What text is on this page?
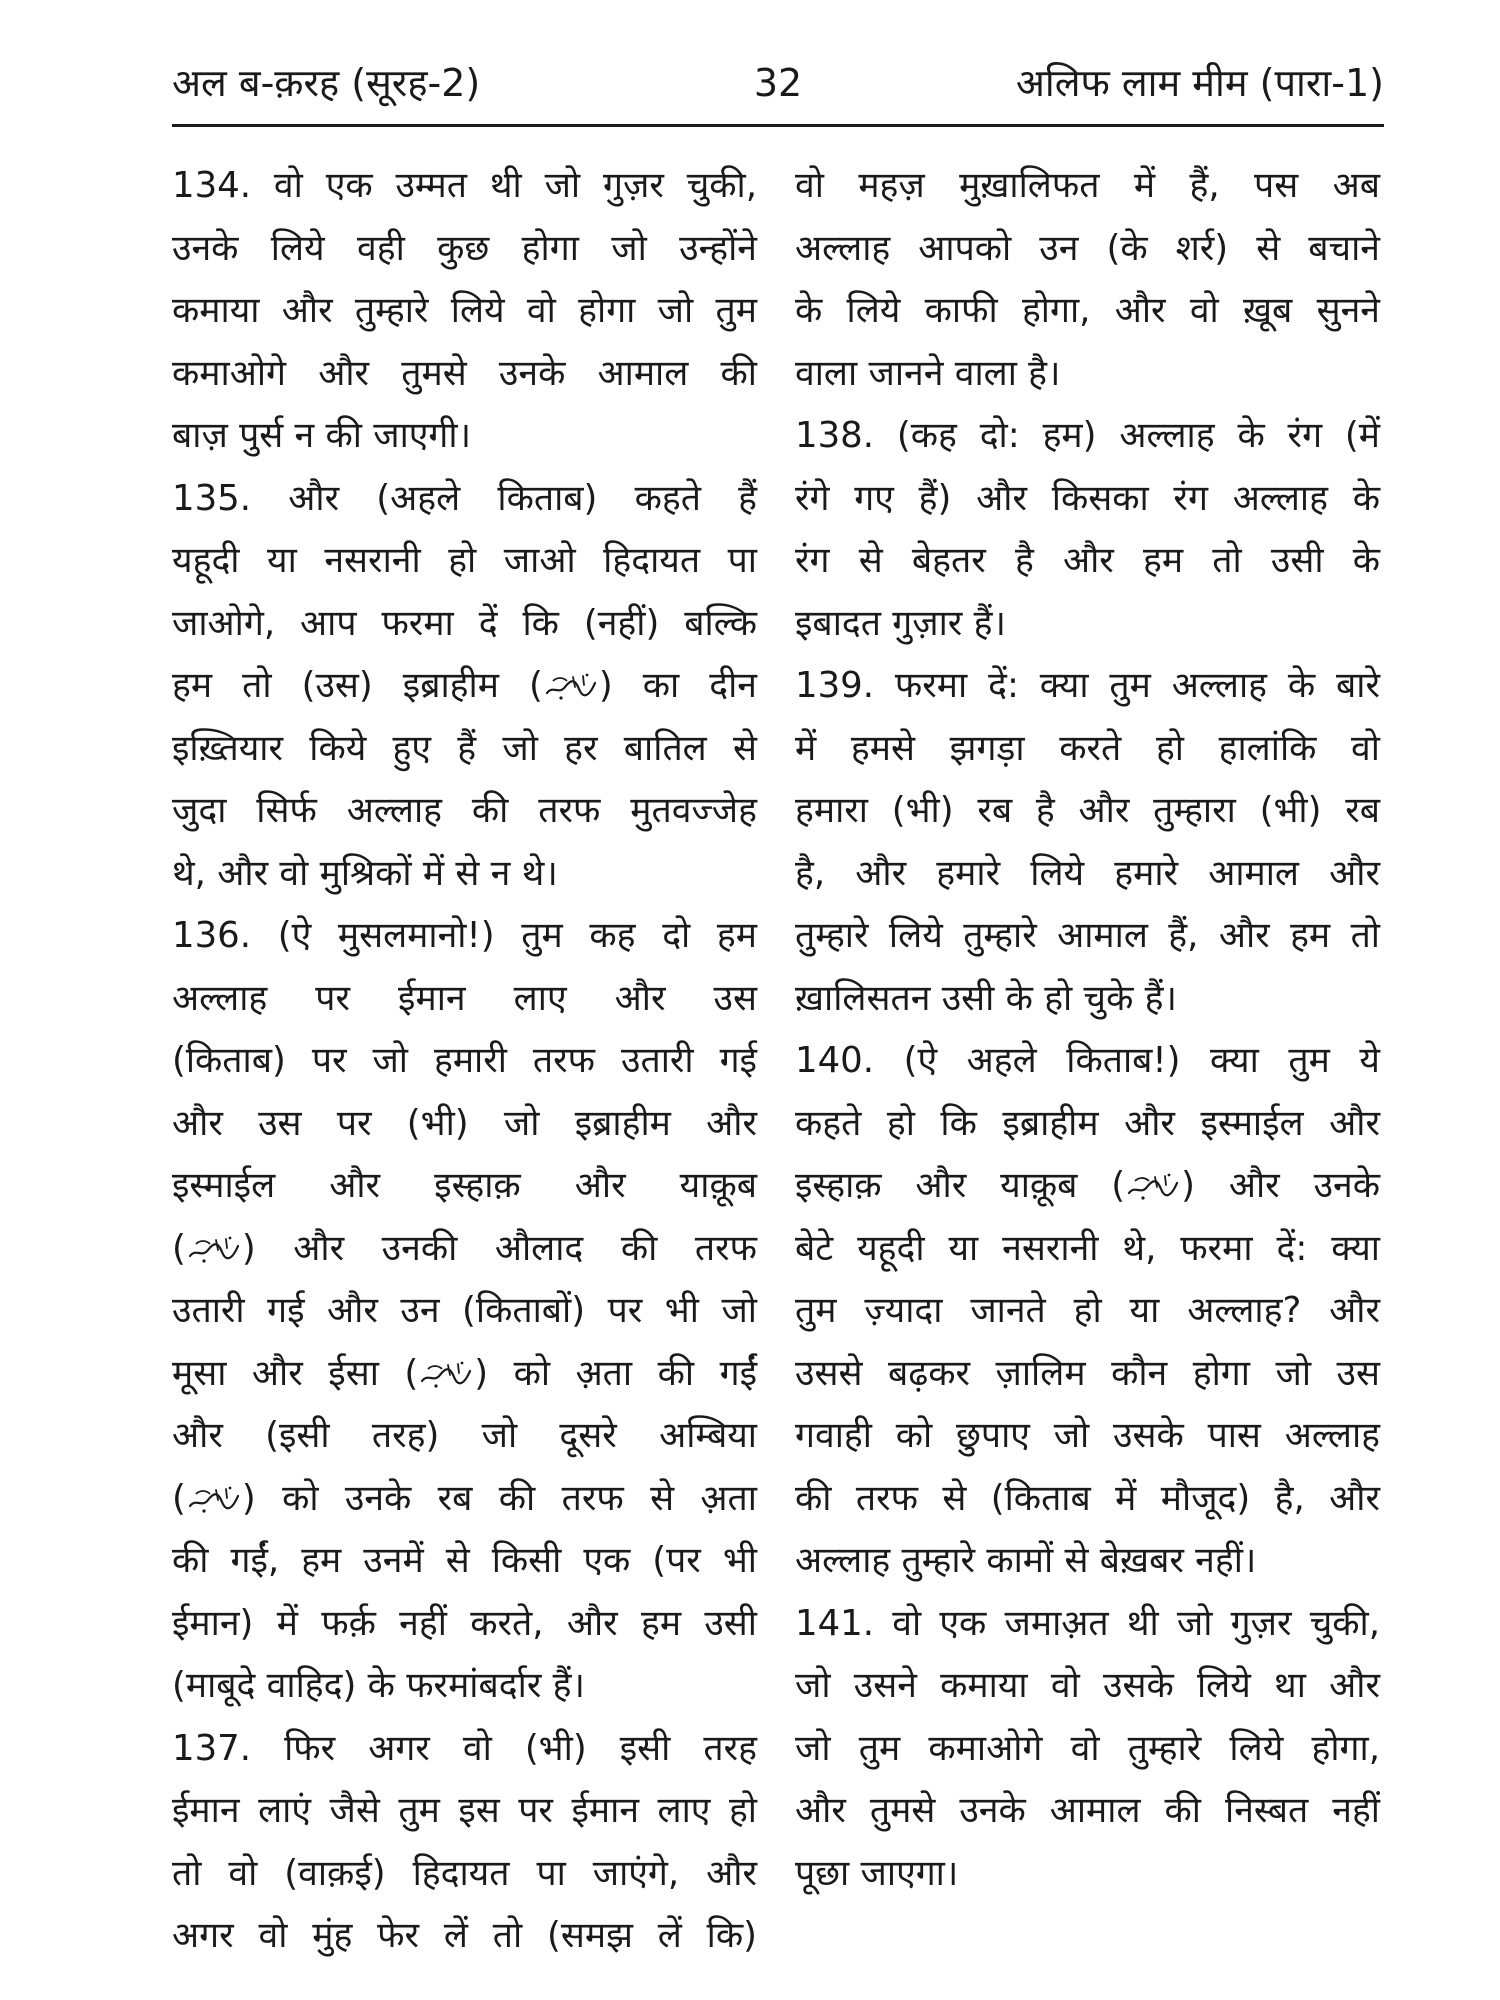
अल ब-क़रह (सूरह-2)	32	अलिफ लाम मीम (पारा-1)
134. वो एक उम्मत थी जो गुज़र चुकी,
उनके लिये वही कुछ होगा जो उन्होंने
कमाया और तुम्हारे लिये वो होगा जो तुम
कमाओगे और तुमसे उनके आमाल की
बाज़ पुर्स न की जाएगी।
135. और (अहले किताब) कहते हैं
यहूदी या नसरानी हो जाओ हिदायत पा
जाओगे, आप फरमा दें कि (नहीं) बल्कि
हम तो (उस) इब्राहीम ( ) का दीन
इख़्तियार किये हुए हैं जो हर बातिल से
जुदा सिर्फ अल्लाह की तरफ मुतवज्जेह
थे, और वो मुश्रिकों में से न थे।
136. (ऐ मुसलमानो!) तुम कह दो हम
अल्लाह पर ईमान लाए और उस
(किताब) पर जो हमारी तरफ उतारी गई
और उस पर (भी) जो इब्राहीम और
इस्माईल और इस्हाक़ और याक़ूब
( ) और उनकी औलाद की तरफ
उतारी गई और उन (किताबों) पर भी जो
मूसा और ईसा ( ) को अ़ता की गईं
और (इसी तरह) जो दूसरे अम्बिया
( ) को उनके रब की तरफ से अ़ता
की गईं, हम उनमें से किसी एक (पर भी
ईमान) में फर्क़ नहीं करते, और हम उसी
(माबूदे वाहिद) के फरमांबर्दार हैं।
137. फिर अगर वो (भी) इसी तरह
ईमान लाएं जैसे तुम इस पर ईमान लाए हो
तो वो (वाक़ई) हिदायत पा जाएंगे, और
अगर वो मुंह फेर लें तो (समझ लें कि)
वो महज़ मुख़ालिफत में हैं, पस अब
अल्लाह आपको उन (के शर्र) से बचाने
के लिये काफी होगा, और वो ख़ूब सुनने
वाला जानने वाला है।
138. (कह दो: हम) अल्लाह के रंग (में
रंगे गए हैं) और किसका रंग अल्लाह के
रंग से बेहतर है और हम तो उसी के
इबादत गुज़ार हैं।
139. फरमा दें: क्या तुम अल्लाह के बारे
में हमसे झगड़ा करते हो हालांकि वो
हमारा (भी) रब है और तुम्हारा (भी) रब
है, और हमारे लिये हमारे आमाल और
तुम्हारे लिये तुम्हारे आमाल हैं, और हम तो
ख़ालिसतन उसी के हो चुके हैं।
140. (ऐ अहले किताब!) क्या तुम ये
कहते हो कि इब्राहीम और इस्माईल और
इस्हाक़ और याक़ूब ( ) और उनके
बेटे यहूदी या नसरानी थे, फरमा दें: क्या
तुम ज़्यादा जानते हो या अल्लाह? और
उससे बढ़कर ज़ालिम कौन होगा जो उस
गवाही को छुपाए जो उसके पास अल्लाह
की तरफ से (किताब में मौजूद) है, और
अल्लाह तुम्हारे कामों से बेख़बर नहीं।
141. वो एक जमाअ़त थी जो गुज़र चुकी,
जो उसने कमाया वो उसके लिये था और
जो तुम कमाओगे वो तुम्हारे लिये होगा,
और तुमसे उनके आमाल की निस्बत नहीं
पूछा जाएगा।
